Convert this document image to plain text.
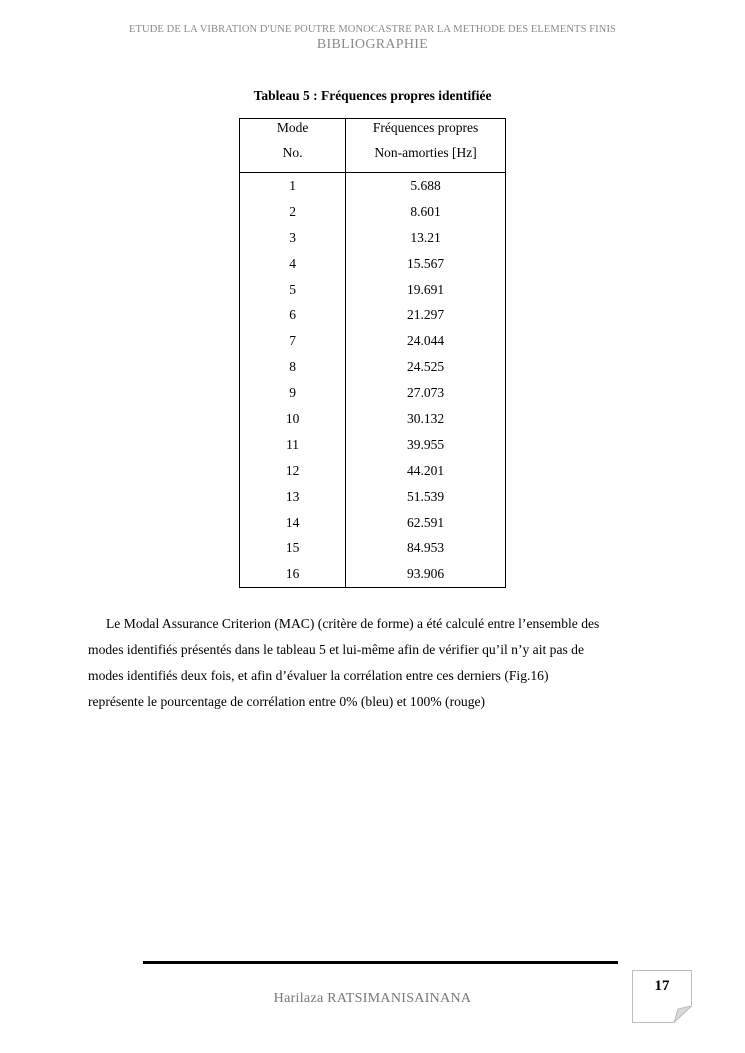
ETUDE DE LA VIBRATION D'UNE POUTRE MONOCASTRE PAR LA METHODE DES ELEMENTS FINIS
BIBLIOGRAPHIE
Tableau 5 : Fréquences propres identifiée
Mode	Fréquences propres
No.	Non-amorties [Hz]
1	5.688
2	8.601
3	13.21
4	15.567
5	19.691
6	21.297
7	24.044
8	24.525
9	27.073
10	30.132
11	39.955
12	44.201
13	51.539
14	62.591
15	84.953
16	93.906
Le Modal Assurance Criterion (MAC) (critère de forme) a été calculé entre l’ensemble des
modes identifiés présentés dans le tableau 5 et lui-même afin de vérifier qu’il n’y ait pas de
modes identifiés deux fois, et afin d’évaluer la corrélation entre ces derniers (Fig.16)
représente le pourcentage de corrélation entre 0% (bleu) et 100% (rouge)
Harilaza RATSIMANISAINANA
17
